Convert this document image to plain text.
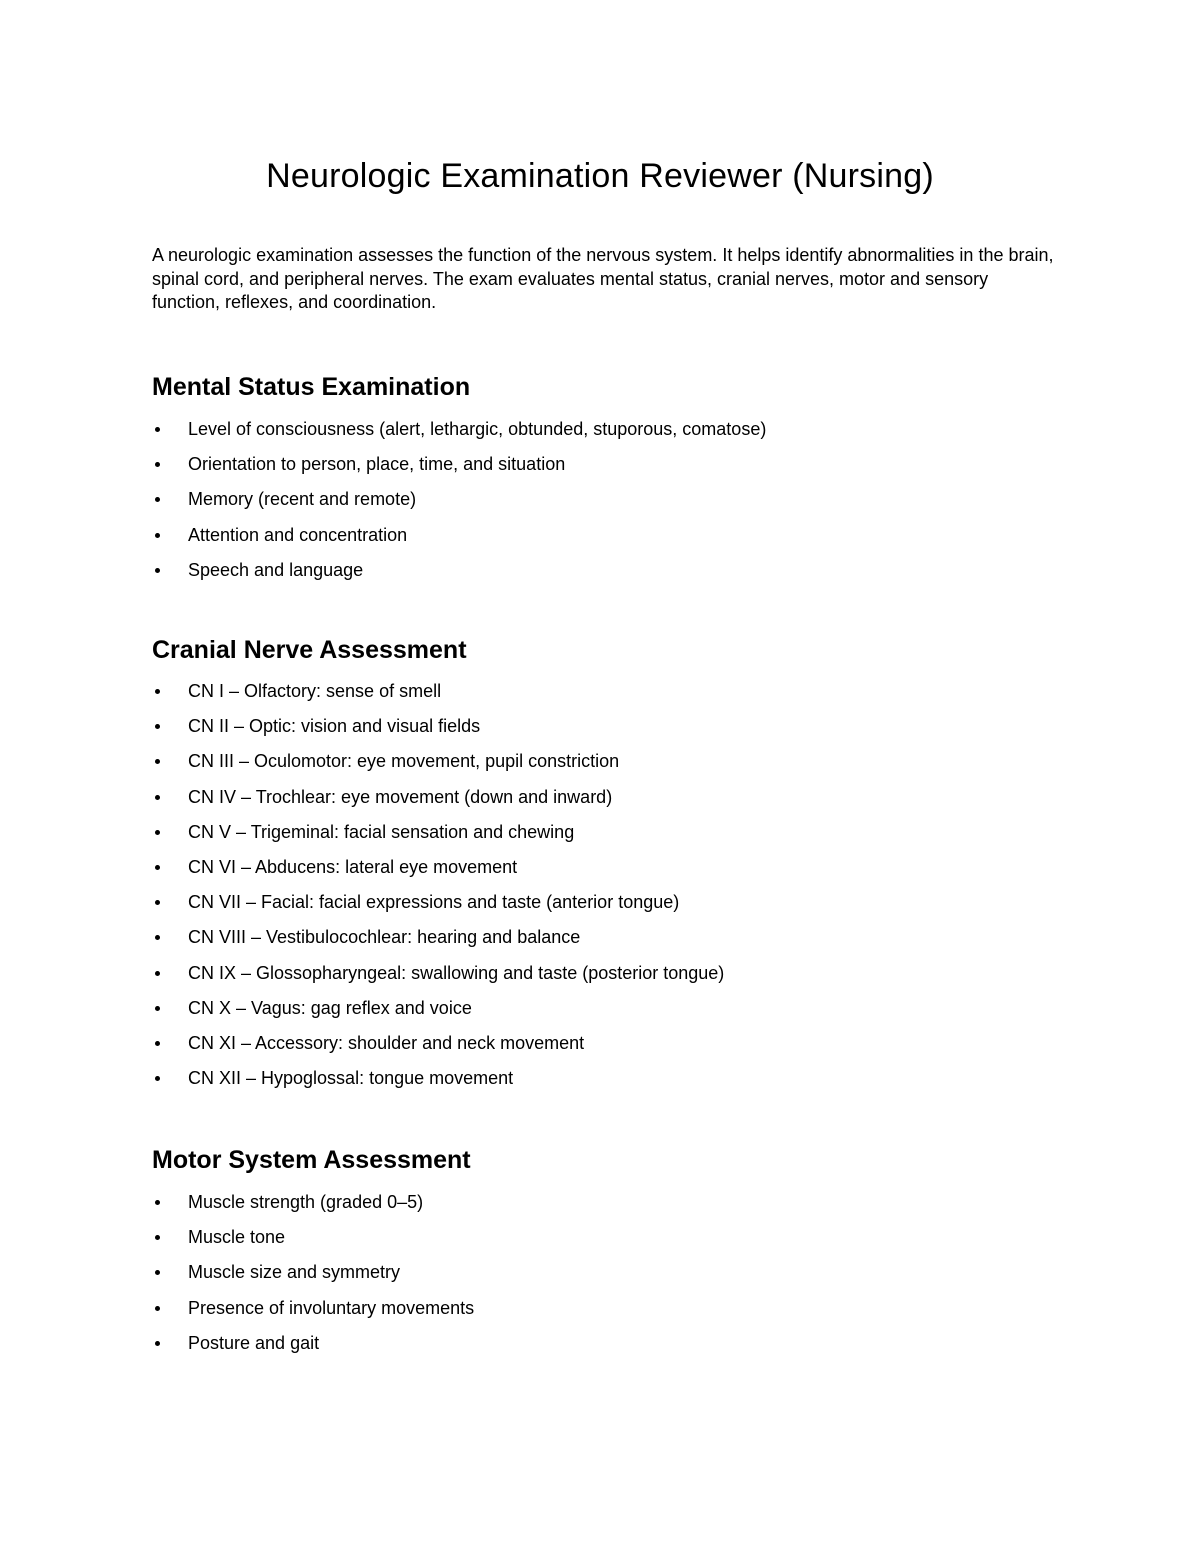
Neurologic Examination Reviewer (Nursing)

A neurologic examination assesses the function of the nervous system. It helps identify abnormalities in the brain, spinal cord, and peripheral nerves. The exam evaluates mental status, cranial nerves, motor and sensory function, reflexes, and coordination.

Mental Status Examination
Level of consciousness (alert, lethargic, obtunded, stuporous, comatose)
Orientation to person, place, time, and situation
Memory (recent and remote)
Attention and concentration
Speech and language
Cranial Nerve Assessment
CN I – Olfactory: sense of smell
CN II – Optic: vision and visual fields
CN III – Oculomotor: eye movement, pupil constriction
CN IV – Trochlear: eye movement (down and inward)
CN V – Trigeminal: facial sensation and chewing
CN VI – Abducens: lateral eye movement
CN VII – Facial: facial expressions and taste (anterior tongue)
CN VIII – Vestibulocochlear: hearing and balance
CN IX – Glossopharyngeal: swallowing and taste (posterior tongue)
CN X – Vagus: gag reflex and voice
CN XI – Accessory: shoulder and neck movement
CN XII – Hypoglossal: tongue movement
Motor System Assessment
Muscle strength (graded 0–5)
Muscle tone
Muscle size and symmetry
Presence of involuntary movements
Posture and gait
